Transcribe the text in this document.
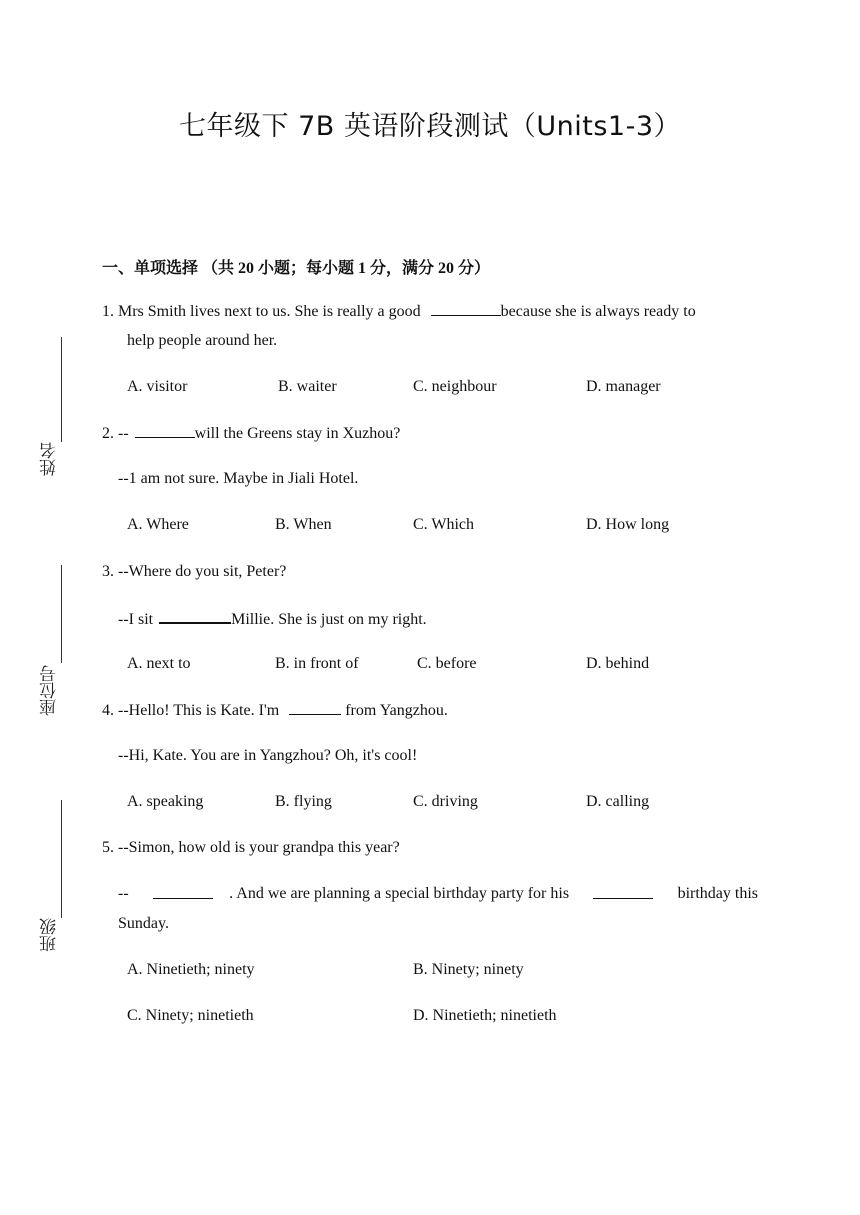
七年级下 7B 英语阶段测试（Units1-3）
一、单项选择 （共 20 小题；每小题 1 分，满分 20 分）
姓名
座位号
班级
1. Mrs Smith lives next to us. She is really a good	because she is always ready to
help people around her.
A. visitor	B. waiter	C. neighbour	D. manager
2. --	will the Greens stay in Xuzhou?
--1 am not sure. Maybe in Jiali Hotel.
A. Where	B. When	C. Which	D. How long
3. --Where do you sit, Peter?
--I sit	Millie. She is just on my right.
A. next to	B. in front of	C. before	D. behind
4. --Hello! This is Kate. I'm	from Yangzhou.
--Hi, Kate. You are in Yangzhou? Oh, it's cool!
A. speaking	B. flying	C. driving	D. calling
5. --Simon, how old is your grandpa this year?
--	. And we are planning a special birthday party for his	birthday this
Sunday.
A. Ninetieth; ninety	B. Ninety; ninety
C. Ninety; ninetieth	D. Ninetieth; ninetieth
